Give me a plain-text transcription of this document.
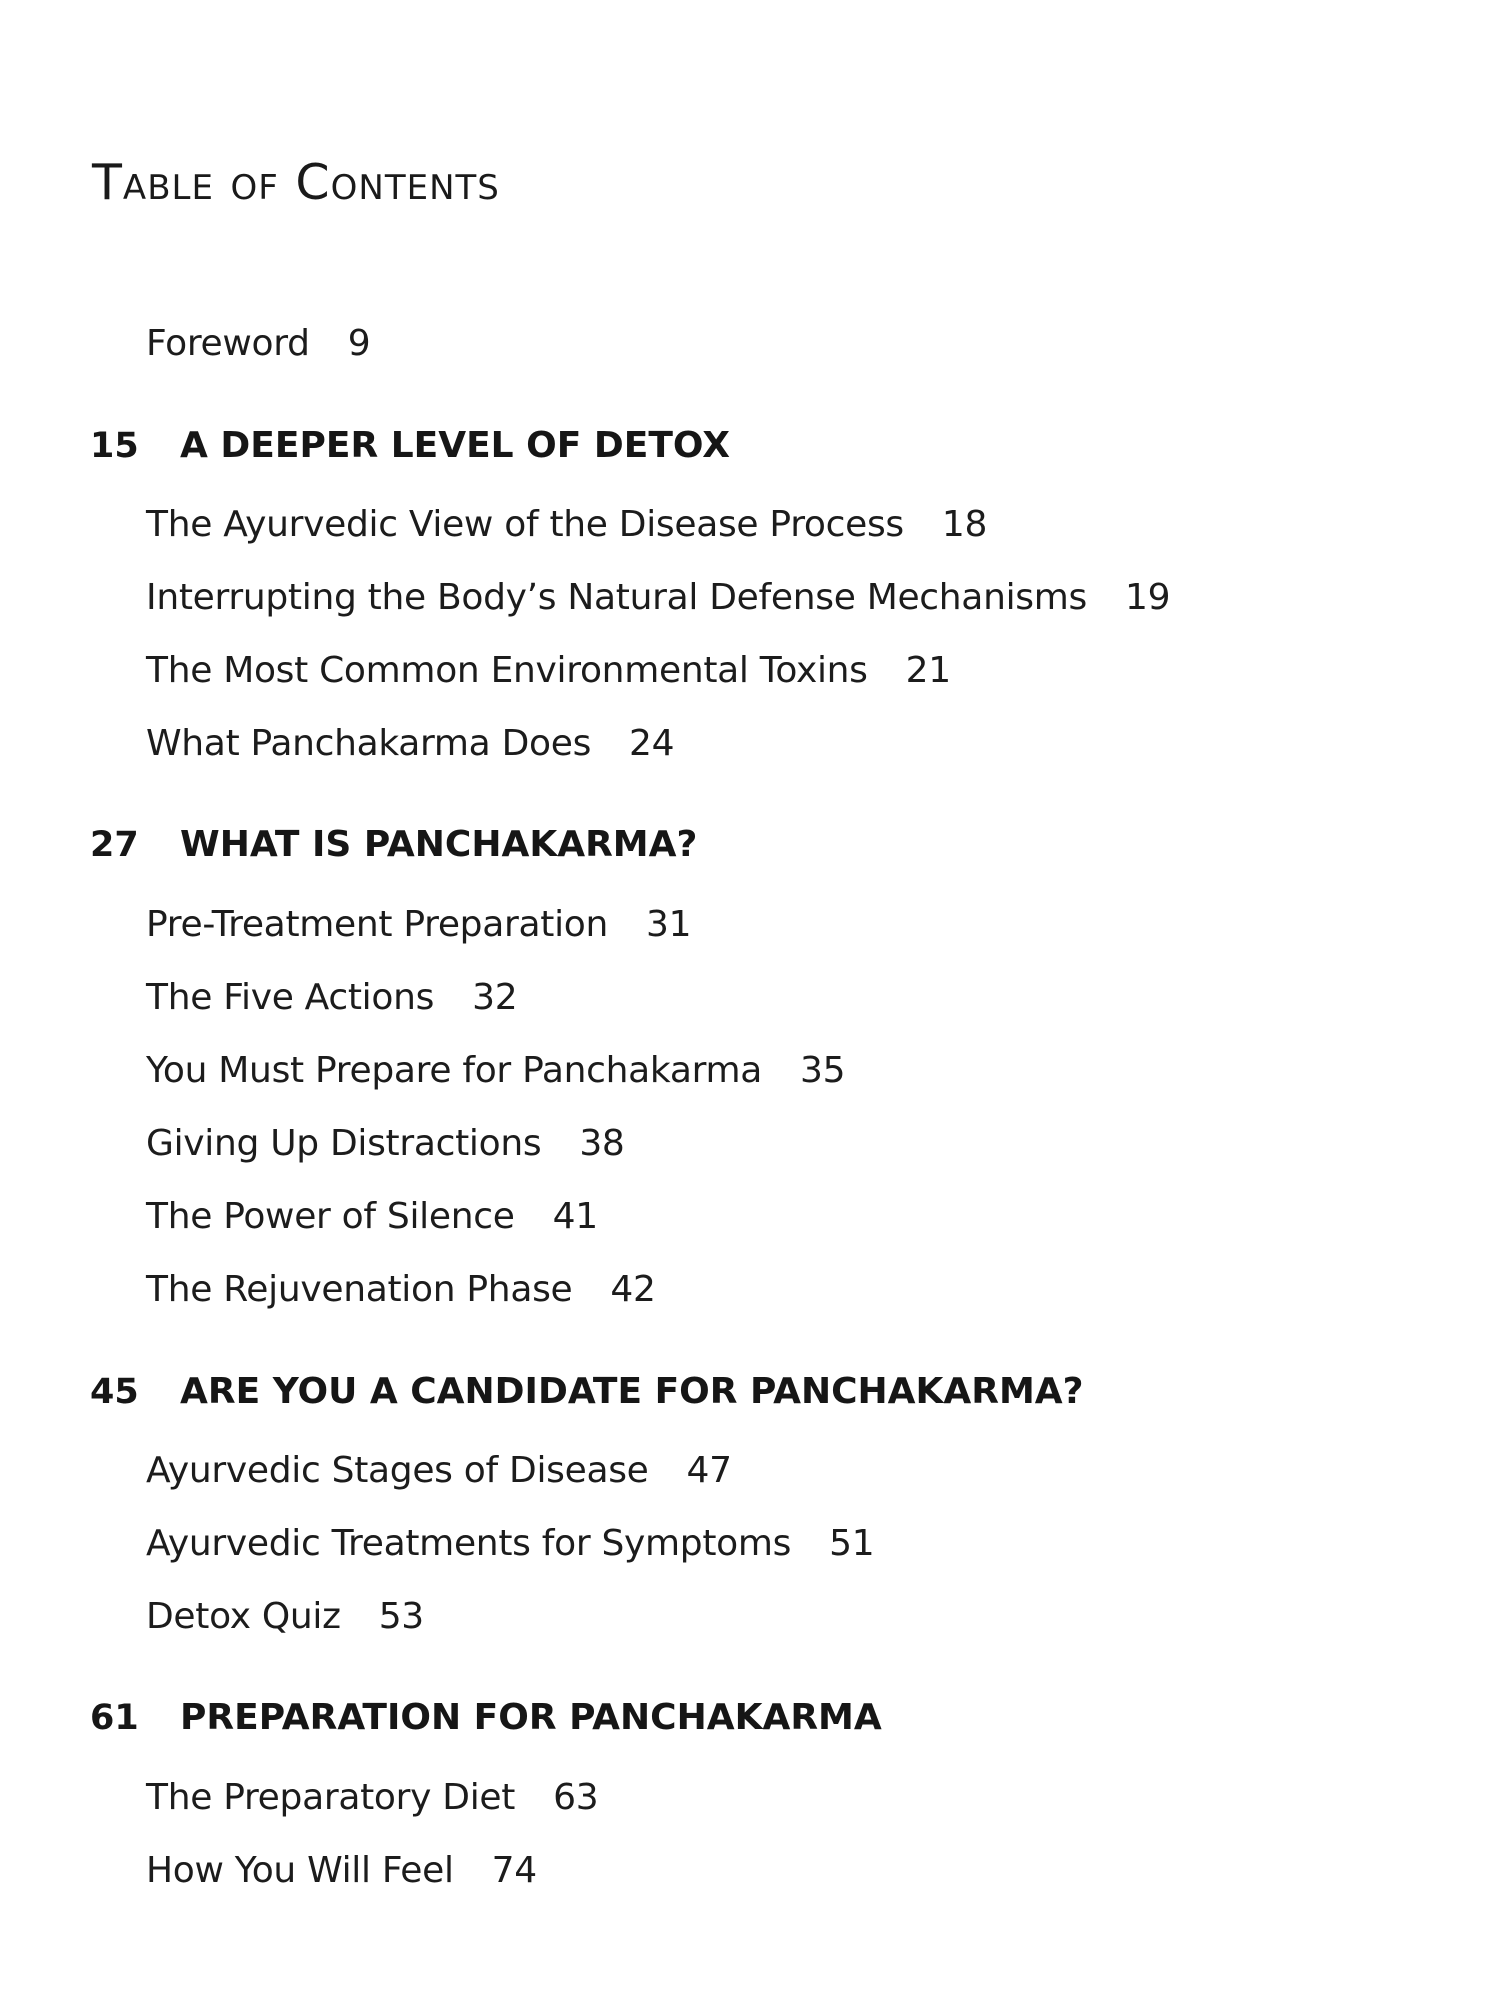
Table of Contents
Foreword 9
15 A DEEPER LEVEL OF DETOX
The Ayurvedic View of the Disease Process 18
Interrupting the Body’s Natural Defense Mechanisms 19
The Most Common Environmental Toxins 21
What Panchakarma Does 24
27 WHAT IS PANCHAKARMA?
Pre-Treatment Preparation 31
The Five Actions 32
You Must Prepare for Panchakarma 35
Giving Up Distractions 38
The Power of Silence 41
The Rejuvenation Phase 42
45 ARE YOU A CANDIDATE FOR PANCHAKARMA?
Ayurvedic Stages of Disease 47
Ayurvedic Treatments for Symptoms 51
Detox Quiz 53
61 PREPARATION FOR PANCHAKARMA
The Preparatory Diet 63
How You Will Feel 74
